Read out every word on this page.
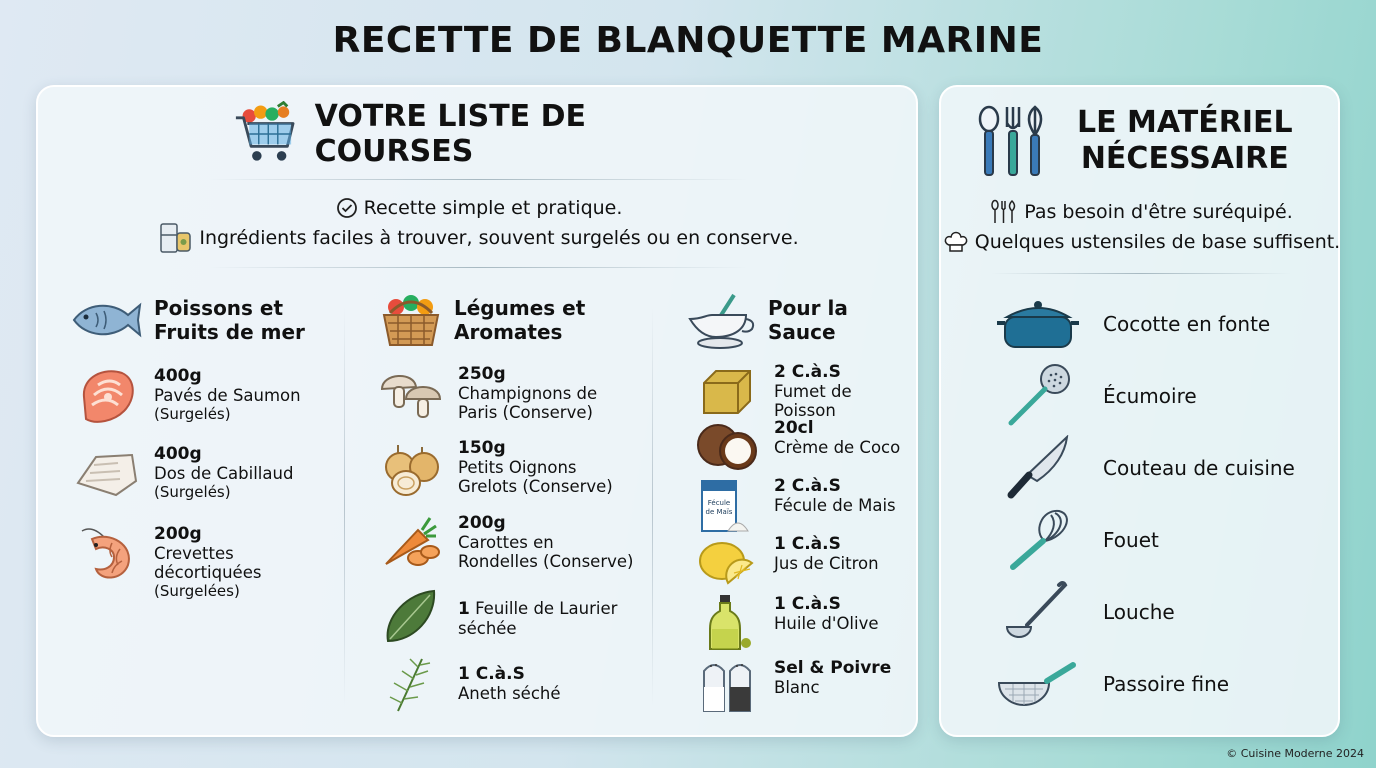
RECETTE DE BLANQUETTE MARINE
VOTRE LISTE DE COURSES
Recette simple et pratique.
Ingrédients faciles à trouver, souvent surgelés ou en conserve.
Poissons et
Fruits de mer
400g
Pavés de Saumon
(Surgelés)
400g
Dos de Cabillaud
(Surgelés)
200g
Crevettes
décortiquées
(Surgelées)
Légumes et
Aromates
250g
Champignons de
Paris (Conserve)
150g
Petits Oignons
Grelots (Conserve)
200g
Carottes en
Rondelles (Conserve)
1 Feuille de Laurier
séchée
1 C.à.S
Aneth séché
Pour la
Sauce
2 C.à.S
Fumet de Poisson
20cl
Crème de Coco
Fécule
de Maïs
2 C.à.S
Fécule de Mais
1 C.à.S
Jus de Citron
1 C.à.S
Huile d'Olive
Sel & Poivre
Blanc
LE MATÉRIEL
NÉCESSAIRE
Pas besoin d'être suréquipé.
Quelques ustensiles de base suffisent.
Cocotte en fonte
Écumoire
Couteau de cuisine
Fouet
Louche
Passoire fine
© Cuisine Moderne 2024
